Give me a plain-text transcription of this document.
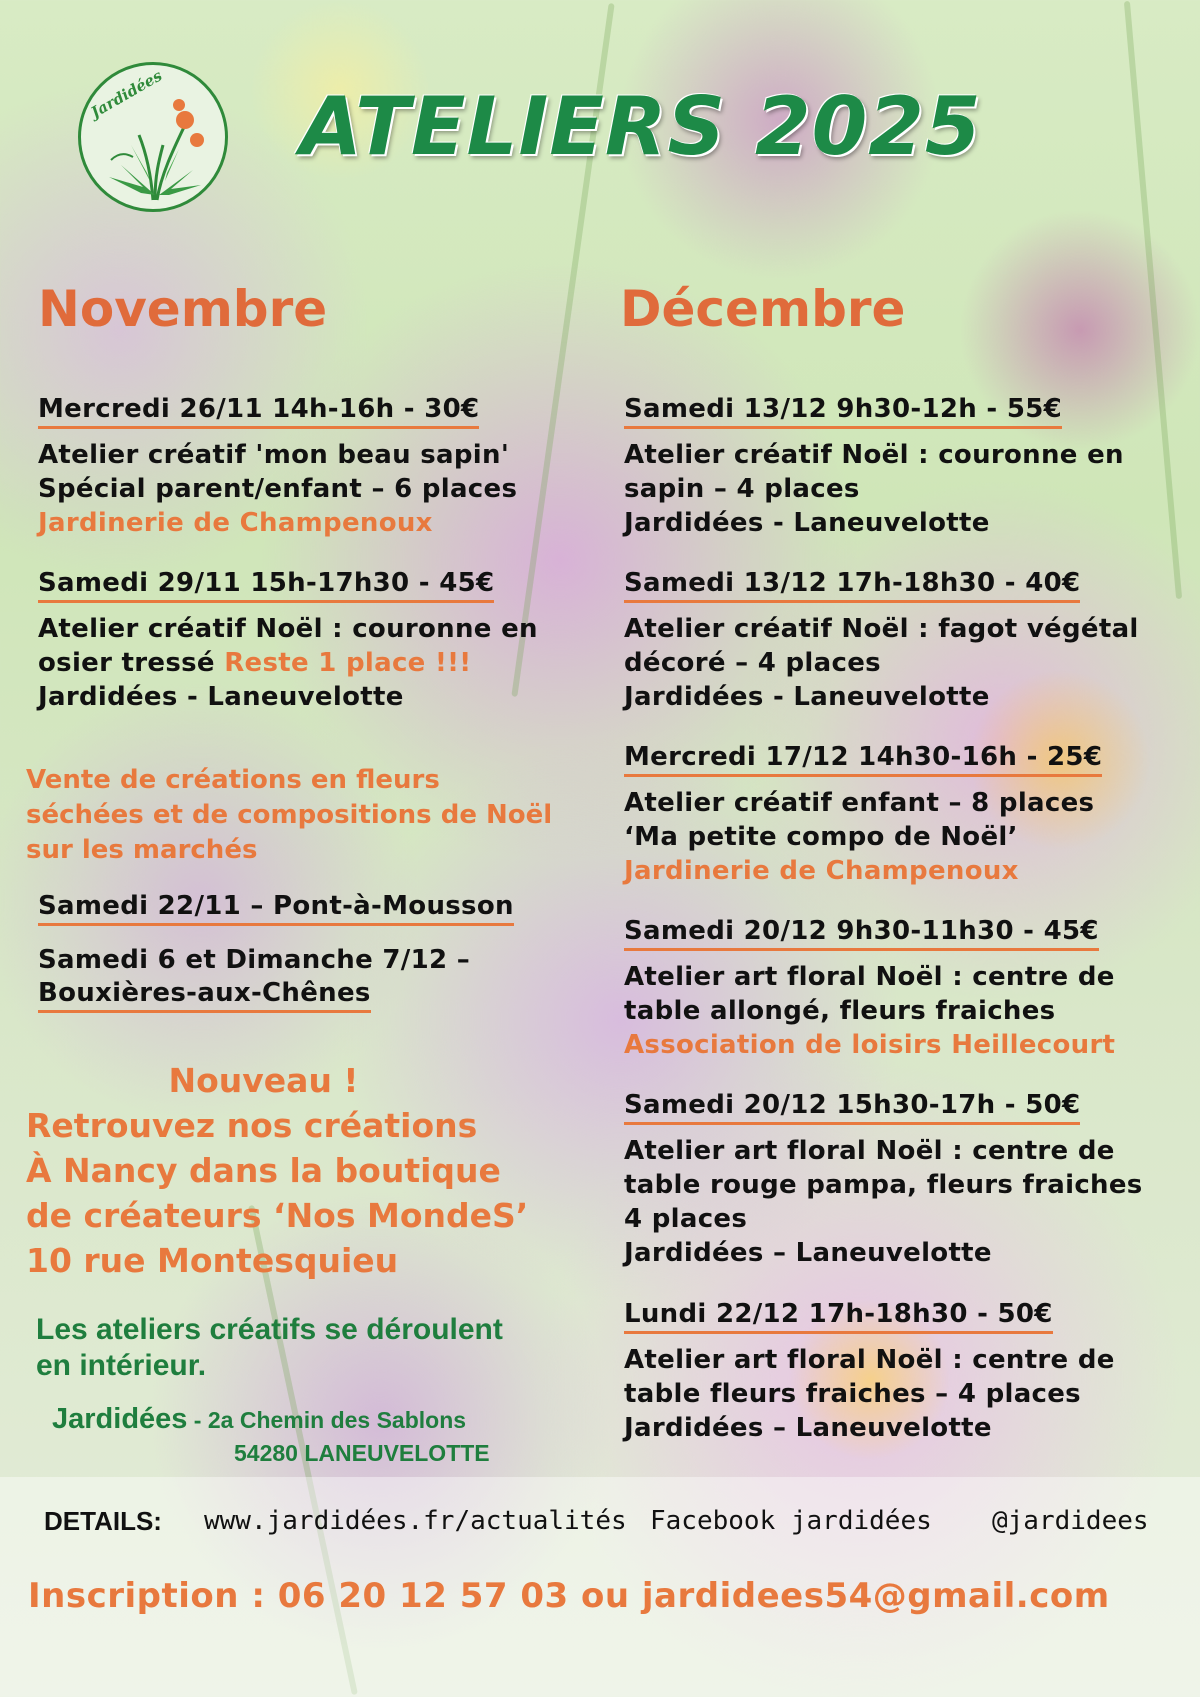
Jardidées ATELIERS 2025
Novembre	Décembre
Mercredi 26/11 14h-16h - 30€
Atelier créatif 'mon beau sapin'
Spécial parent/enfant – 6 places
Jardinerie de Champenoux
Samedi 29/11 15h-17h30 - 45€
Atelier créatif Noël : couronne en
osier tressé Reste 1 place !!!
Jardidées - Laneuvelotte
Vente de créations en fleurs
séchées et de compositions de Noël
sur les marchés
Samedi 22/11 – Pont-à-Mousson
Samedi 6 et Dimanche 7/12 – Bouxières-aux-Chênes
Nouveau !
Retrouvez nos créations
À Nancy dans la boutique
de créateurs ‘Nos MondeS’
10 rue Montesquieu
Les ateliers créatifs se déroulent
en intérieur.
Jardidées - 2a Chemin des Sablons
54280 LANEUVELOTTE
Samedi 13/12 9h30-12h - 55€
Atelier créatif Noël : couronne en
sapin – 4 places
Jardidées - Laneuvelotte
Samedi 13/12 17h-18h30 - 40€
Atelier créatif Noël : fagot végétal
décoré – 4 places
Jardidées - Laneuvelotte
Mercredi 17/12 14h30-16h - 25€
Atelier créatif enfant – 8 places
‘Ma petite compo de Noël’
Jardinerie de Champenoux
Samedi 20/12 9h30-11h30 - 45€
Atelier art floral Noël : centre de
table allongé, fleurs fraiches
Association de loisirs Heillecourt
Samedi 20/12 15h30-17h - 50€
Atelier art floral Noël : centre de
table rouge pampa, fleurs fraiches
4 places
Jardidées – Laneuvelotte
Lundi 22/12 17h-18h30 - 50€
Atelier art floral Noël : centre de
table fleurs fraiches – 4 places
Jardidées – Laneuvelotte
DETAILS: www.jardidées.fr/actualités Facebook jardidées @jardidees
Inscription : 06 20 12 57 03 ou jardidees54@gmail.com
